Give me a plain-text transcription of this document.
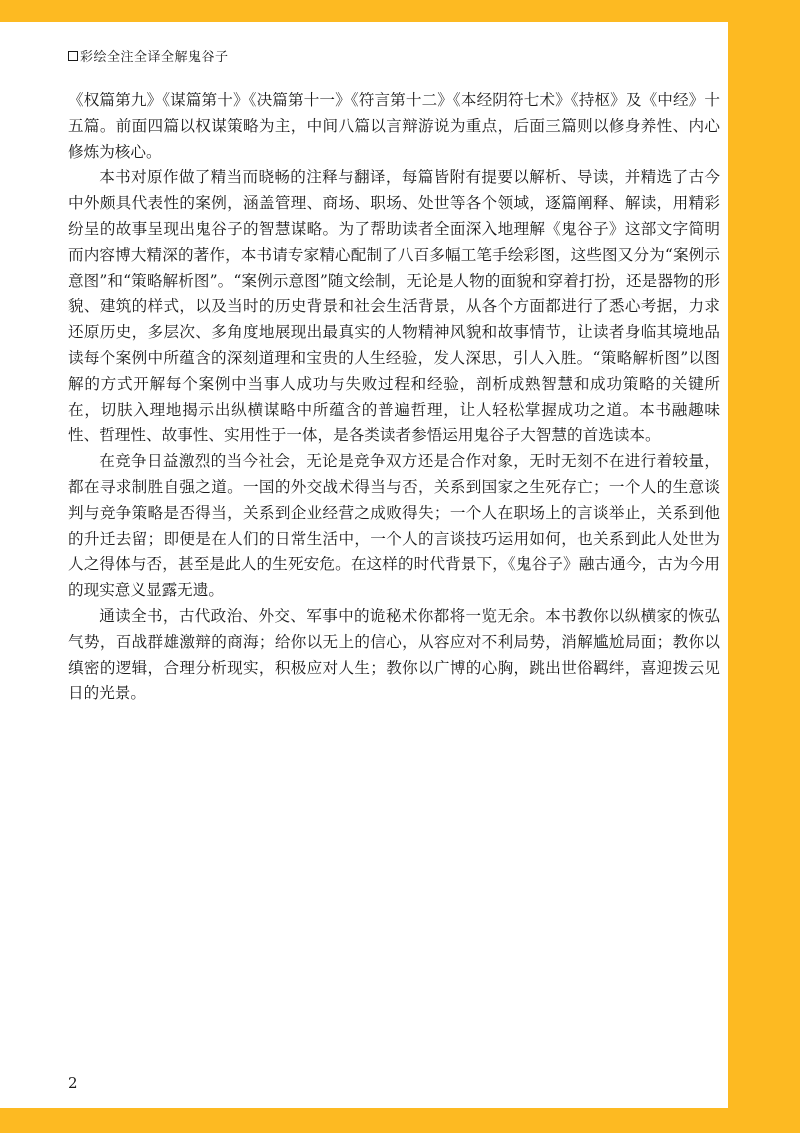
彩绘全注全译全解鬼谷子

《权篇第九》《谋篇第十》《决篇第十一》《符言第十二》《本经阴符七术》《持枢》及《中经》十五篇。前面四篇以权谋策略为主，中间八篇以言辩游说为重点，后面三篇则以修身养性、内心修炼为核心。

本书对原作做了精当而晓畅的注释与翻译，每篇皆附有提要以解析、导读，并精选了古今中外颇具代表性的案例，涵盖管理、商场、职场、处世等各个领域，逐篇阐释、解读，用精彩纷呈的故事呈现出鬼谷子的智慧谋略。为了帮助读者全面深入地理解《鬼谷子》这部文字简明而内容博大精深的著作，本书请专家精心配制了八百多幅工笔手绘彩图，这些图又分为“案例示意图”和“策略解析图”。“案例示意图”随文绘制，无论是人物的面貌和穿着打扮，还是器物的形貌、建筑的样式，以及当时的历史背景和社会生活背景，从各个方面都进行了悉心考据，力求还原历史，多层次、多角度地展现出最真实的人物精神风貌和故事情节，让读者身临其境地品读每个案例中所蕴含的深刻道理和宝贵的人生经验，发人深思，引人入胜。“策略解析图”以图解的方式开解每个案例中当事人成功与失败过程和经验，剖析成熟智慧和成功策略的关键所在，切肤入理地揭示出纵横谋略中所蕴含的普遍哲理，让人轻松掌握成功之道。本书融趣味性、哲理性、故事性、实用性于一体，是各类读者参悟运用鬼谷子大智慧的首选读本。

在竞争日益激烈的当今社会，无论是竞争双方还是合作对象，无时无刻不在进行着较量，都在寻求制胜自强之道。一国的外交战术得当与否，关系到国家之生死存亡；一个人的生意谈判与竞争策略是否得当，关系到企业经营之成败得失；一个人在职场上的言谈举止，关系到他的升迁去留；即便是在人们的日常生活中，一个人的言谈技巧运用如何，也关系到此人处世为人之得体与否，甚至是此人的生死安危。在这样的时代背景下，《鬼谷子》融古通今，古为今用的现实意义显露无遗。

通读全书，古代政治、外交、军事中的诡秘术你都将一览无余。本书教你以纵横家的恢弘气势，百战群雄激辩的商海；给你以无上的信心，从容应对不利局势，消解尴尬局面；教你以缜密的逻辑，合理分析现实，积极应对人生；教你以广博的心胸，跳出世俗羁绊，喜迎拨云见日的光景。

2
